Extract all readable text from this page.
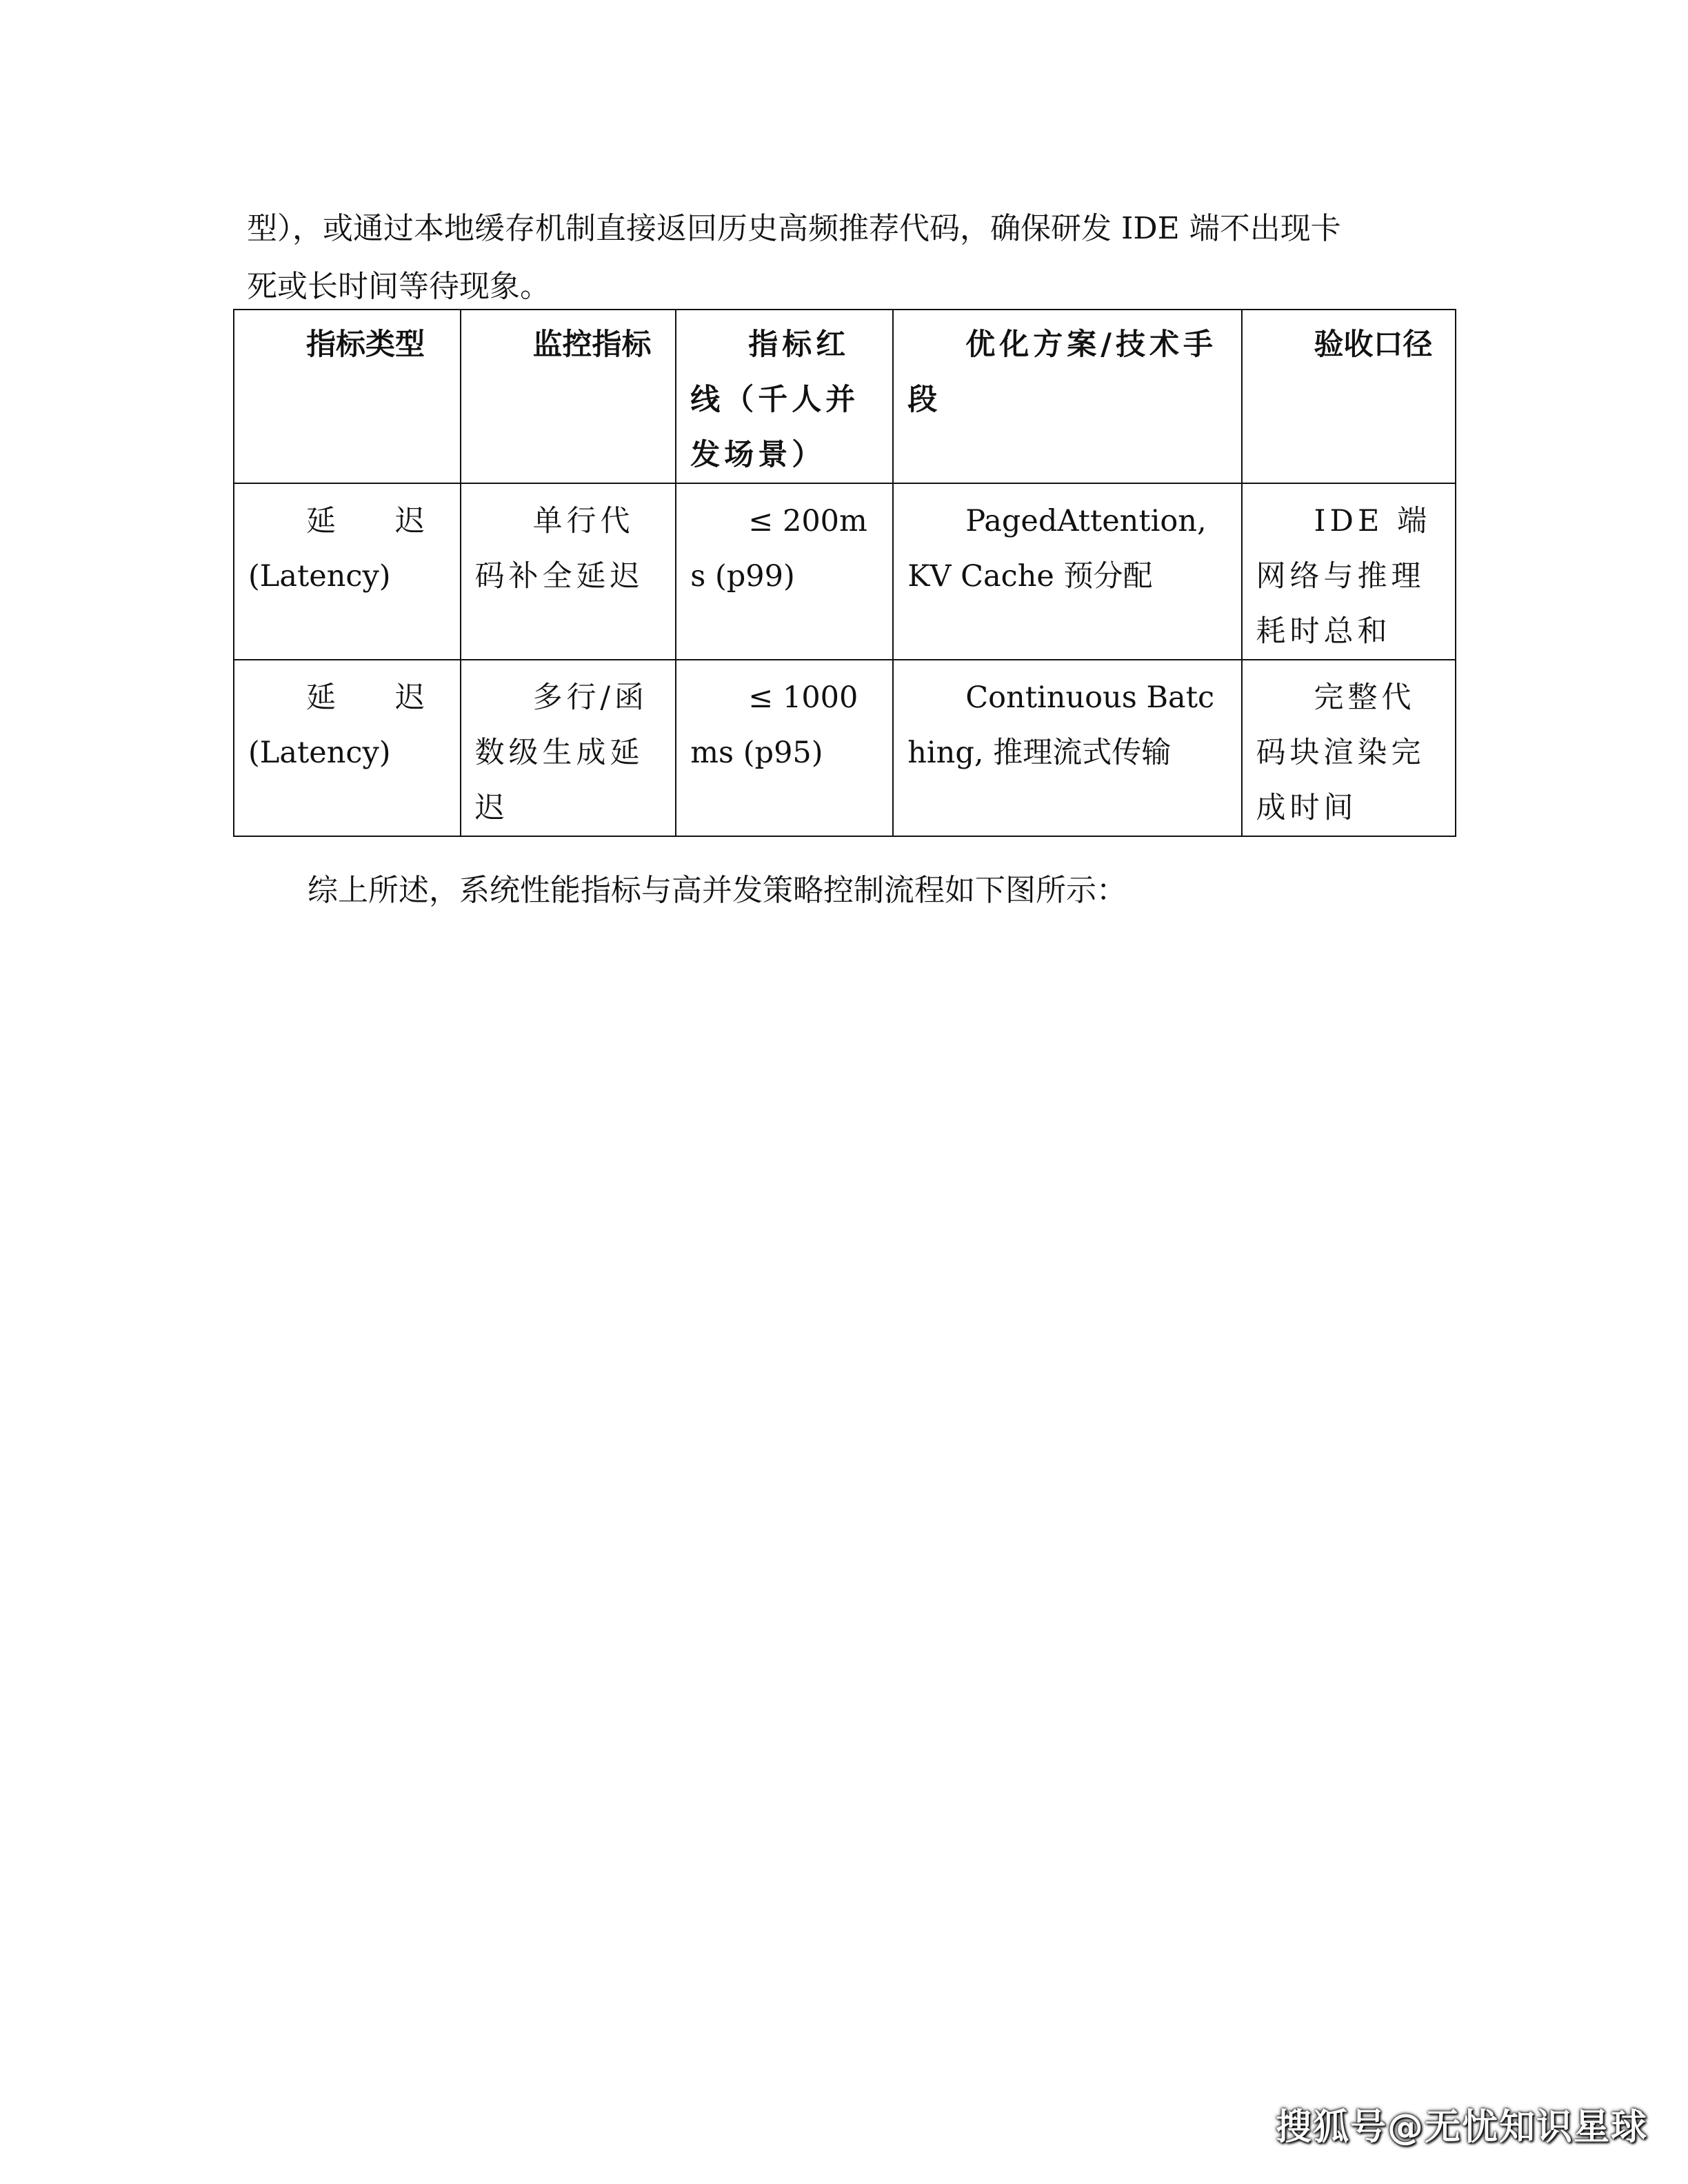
型），或通过本地缓存机制直接返回历史高频推荐代码，确保研发 IDE 端不出现卡
死或长时间等待现象。
指标类型	监控指标	指标红线（千人并发场景）	优化方案/技术手段	验收口径
延　　迟(Latency)	单行代码补全延迟	≤ 200ms (p99)	PagedAttention, KV Cache 预分配	IDE 端网络与推理耗时总和
延　　迟(Latency)	多行/函数级生成延迟	≤ 1000ms (p95)	Continuous Batching, 推理流式传输	完整代码块渲染完成时间

综上所述，系统性能指标与高并发策略控制流程如下图所示：

搜狐号@无忧知识星球
